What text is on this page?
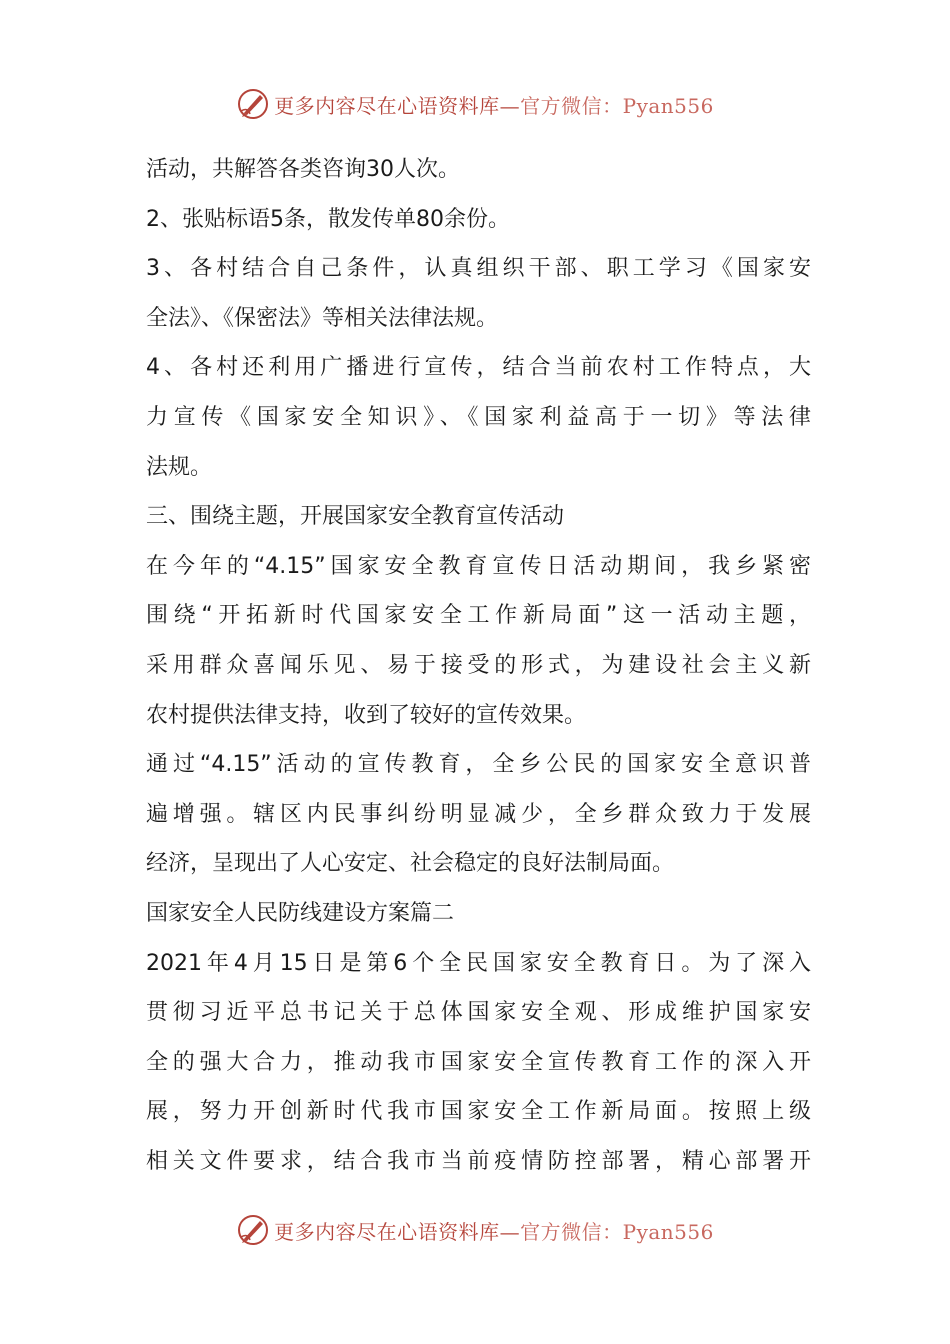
更多内容尽在心语资料库—官方微信：Pyan556
活动，共解答各类咨询30人次。
2、张贴标语5条，散发传单80余份。
3、各村结合自己条件，认真组织干部、职工学习《国家安
全法》、《保密法》等相关法律法规。
4、各村还利用广播进行宣传，结合当前农村工作特点，大
力宣传《国家安全知识》、《国家利益高于一切》等法律
法规。
三、围绕主题，开展国家安全教育宣传活动
在今年的“4.15”国家安全教育宣传日活动期间，我乡紧密
围绕“开拓新时代国家安全工作新局面”这一活动主题，
采用群众喜闻乐见、易于接受的形式，为建设社会主义新
农村提供法律支持，收到了较好的宣传效果。
通过“4.15”活动的宣传教育，全乡公民的国家安全意识普
遍增强。辖区内民事纠纷明显减少，全乡群众致力于发展
经济，呈现出了人心安定、社会稳定的良好法制局面。
国家安全人民防线建设方案篇二
2021年4月15日是第6个全民国家安全教育日。为了深入
贯彻习近平总书记关于总体国家安全观、形成维护国家安
全的强大合力，推动我市国家安全宣传教育工作的深入开
展，努力开创新时代我市国家安全工作新局面。按照上级
相关文件要求，结合我市当前疫情防控部署，精心部署开
更多内容尽在心语资料库—官方微信：Pyan556
